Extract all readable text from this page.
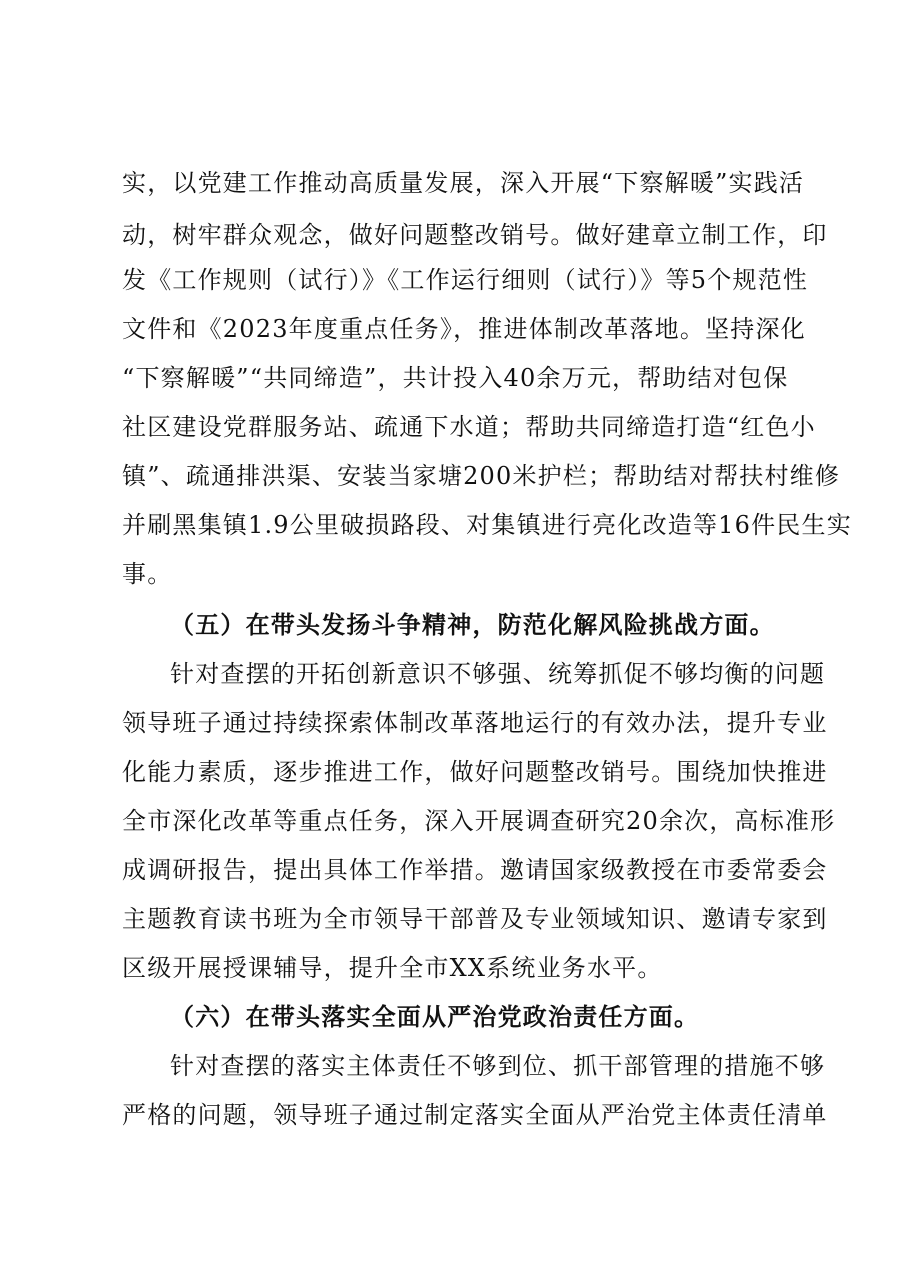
实，以党建工作推动高质量发展，深入开展“下察解暖”实践活
动，树牢群众观念，做好问题整改销号。做好建章立制工作，印
发《工作规则（试行）》《工作运行细则（试行）》等5个规范性
文件和《2023年度重点任务》，推进体制改革落地。坚持深化
“下察解暖”“共同缔造”，共计投入40余万元，帮助结对包保
社区建设党群服务站、疏通下水道；帮助共同缔造打造“红色小
镇”、疏通排洪渠、安装当家塘200米护栏；帮助结对帮扶村维修
并刷黑集镇1.9公里破损路段、对集镇进行亮化改造等16件民生实
事。
（五）在带头发扬斗争精神，防范化解风险挑战方面。
针对查摆的开拓创新意识不够强、统筹抓促不够均衡的问题
领导班子通过持续探索体制改革落地运行的有效办法，提升专业
化能力素质，逐步推进工作，做好问题整改销号。围绕加快推进
全市深化改革等重点任务，深入开展调查研究20余次，高标准形
成调研报告，提出具体工作举措。邀请国家级教授在市委常委会
主题教育读书班为全市领导干部普及专业领域知识、邀请专家到
区级开展授课辅导，提升全市XX系统业务水平。
（六）在带头落实全面从严治党政治责任方面。
针对查摆的落实主体责任不够到位、抓干部管理的措施不够
严格的问题，领导班子通过制定落实全面从严治党主体责任清单
